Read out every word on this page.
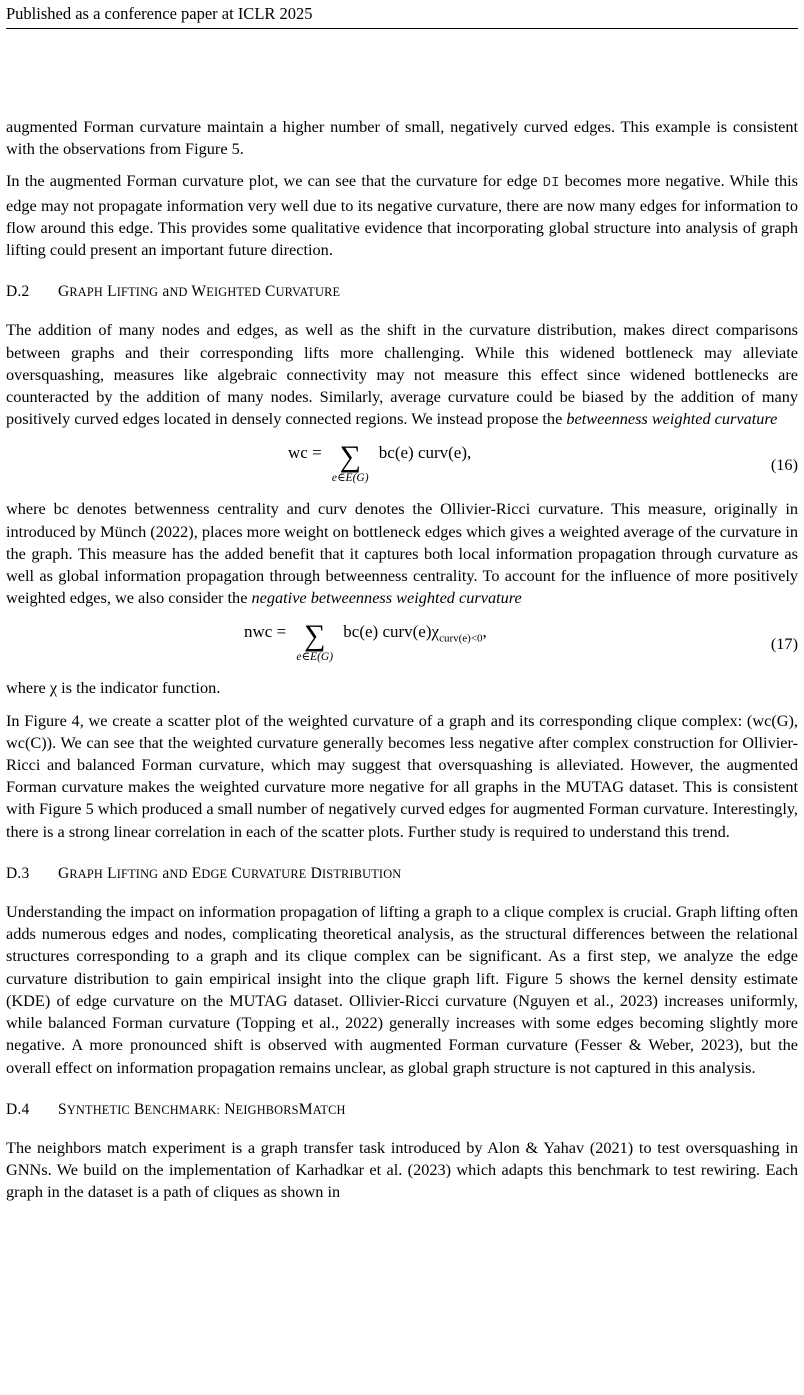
Published as a conference paper at ICLR 2025

augmented Forman curvature maintain a higher number of small, negatively curved edges. This example is consistent with the observations from Figure 5.

In the augmented Forman curvature plot, we can see that the curvature for edge DI becomes more negative. While this edge may not propagate information very well due to its negative curvature, there are now many edges for information to flow around this edge. This provides some qualitative evidence that incorporating global structure into analysis of graph lifting could present an important future direction.

D.2 GRAPH LIFTING aND WEIGHTED CURVATURE

The addition of many nodes and edges, as well as the shift in the curvature distribution, makes direct comparisons between graphs and their corresponding lifts more challenging. While this widened bottleneck may alleviate oversquashing, measures like algebraic connectivity may not measure this effect since widened bottlenecks are counteracted by the addition of many nodes. Similarly, average curvature could be biased by the addition of many positively curved edges located in densely connected regions. We instead propose the betweenness weighted curvature

wc = ∑
e∈E(G)
bc(e) curv(e),
(16)

where bc denotes betwenness centrality and curv denotes the Ollivier-Ricci curvature. This measure, originally in introduced by Münch (2022), places more weight on bottleneck edges which gives a weighted average of the curvature in the graph. This measure has the added benefit that it captures both local information propagation through curvature as well as global information propagation through betweenness centrality. To account for the influence of more positively weighted edges, we also consider the negative betweenness weighted curvature

nwc = ∑
e∈E(G)
bc(e) $curv(e)\chi_{curv(e)<0}$,
(17)

where χ is the indicator function.

In Figure 4, we create a scatter plot of the weighted curvature of a graph and its corresponding clique complex: (wc(G), wc(C)). We can see that the weighted curvature generally becomes less negative after complex construction for Ollivier-Ricci and balanced Forman curvature, which may suggest that oversquashing is alleviated. However, the augmented Forman curvature makes the weighted curvature more negative for all graphs in the MUTAG dataset. This is consistent with Figure 5 which produced a small number of negatively curved edges for augmented Forman curvature. Interestingly, there is a strong linear correlation in each of the scatter plots. Further study is required to understand this trend.

D.3 GRAPH LIFTING aND EDGE CURVATURE DISTRIBUTION

Understanding the impact on information propagation of lifting a graph to a clique complex is crucial. Graph lifting often adds numerous edges and nodes, complicating theoretical analysis, as the structural differences between the relational structures corresponding to a graph and its clique complex can be significant. As a first step, we analyze the edge curvature distribution to gain empirical insight into the clique graph lift. Figure 5 shows the kernel density estimate (KDE) of edge curvature on the MUTAG dataset. Ollivier-Ricci curvature (Nguyen et al., 2023) increases uniformly, while balanced Forman curvature (Topping et al., 2022) generally increases with some edges becoming slightly more negative. A more pronounced shift is observed with augmented Forman curvature (Fesser & Weber, 2023), but the overall effect on information propagation remains unclear, as global graph structure is not captured in this analysis.

D.4 SYNTHETIC BENCHMARK: NEIGHBORSMATCH

The neighbors match experiment is a graph transfer task introduced by Alon & Yahav (2021) to test oversquashing in GNNs. We build on the implementation of Karhadkar et al. (2023) which adapts this benchmark to test rewiring. Each graph in the dataset is a path of cliques as shown in
